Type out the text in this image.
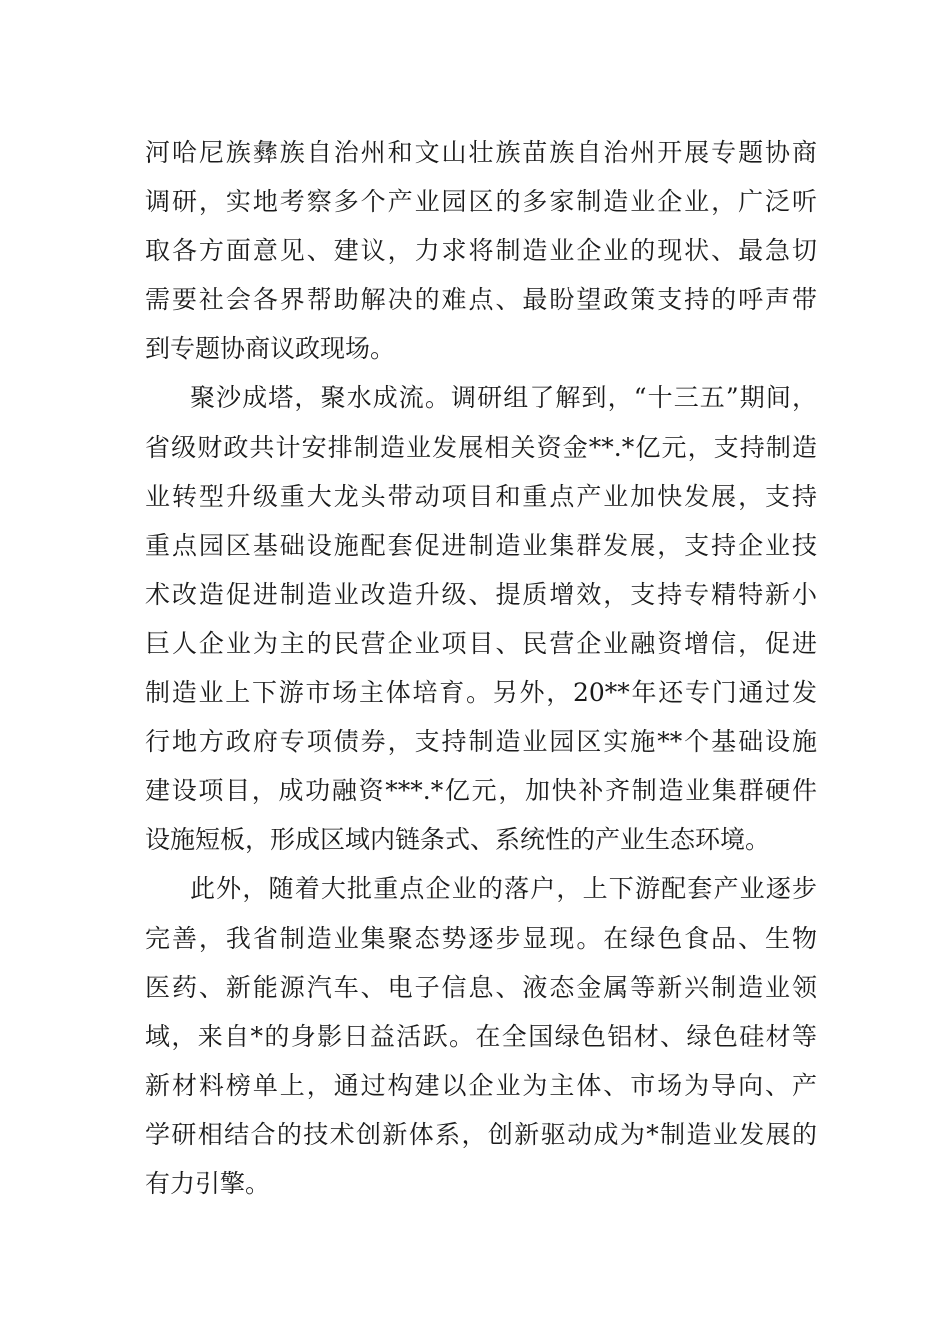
河哈尼族彝族自治州和文山壮族苗族自治州开展专题协商
调研，实地考察多个产业园区的多家制造业企业，广泛听
取各方面意见、建议，力求将制造业企业的现状、最急切
需要社会各界帮助解决的难点、最盼望政策支持的呼声带
到专题协商议政现场。
聚沙成塔，聚水成流。调研组了解到，“十三五”期间，
省级财政共计安排制造业发展相关资金**.*亿元，支持制造
业转型升级重大龙头带动项目和重点产业加快发展，支持
重点园区基础设施配套促进制造业集群发展，支持企业技
术改造促进制造业改造升级、提质增效，支持专精特新小
巨人企业为主的民营企业项目、民营企业融资增信，促进
制造业上下游市场主体培育。另外，20**年还专门通过发
行地方政府专项债券，支持制造业园区实施**个基础设施
建设项目，成功融资***.*亿元，加快补齐制造业集群硬件
设施短板，形成区域内链条式、系统性的产业生态环境。
此外，随着大批重点企业的落户，上下游配套产业逐步
完善，我省制造业集聚态势逐步显现。在绿色食品、生物
医药、新能源汽车、电子信息、液态金属等新兴制造业领
域，来自*的身影日益活跃。在全国绿色铝材、绿色硅材等
新材料榜单上，通过构建以企业为主体、市场为导向、产
学研相结合的技术创新体系，创新驱动成为*制造业发展的
有力引擎。
